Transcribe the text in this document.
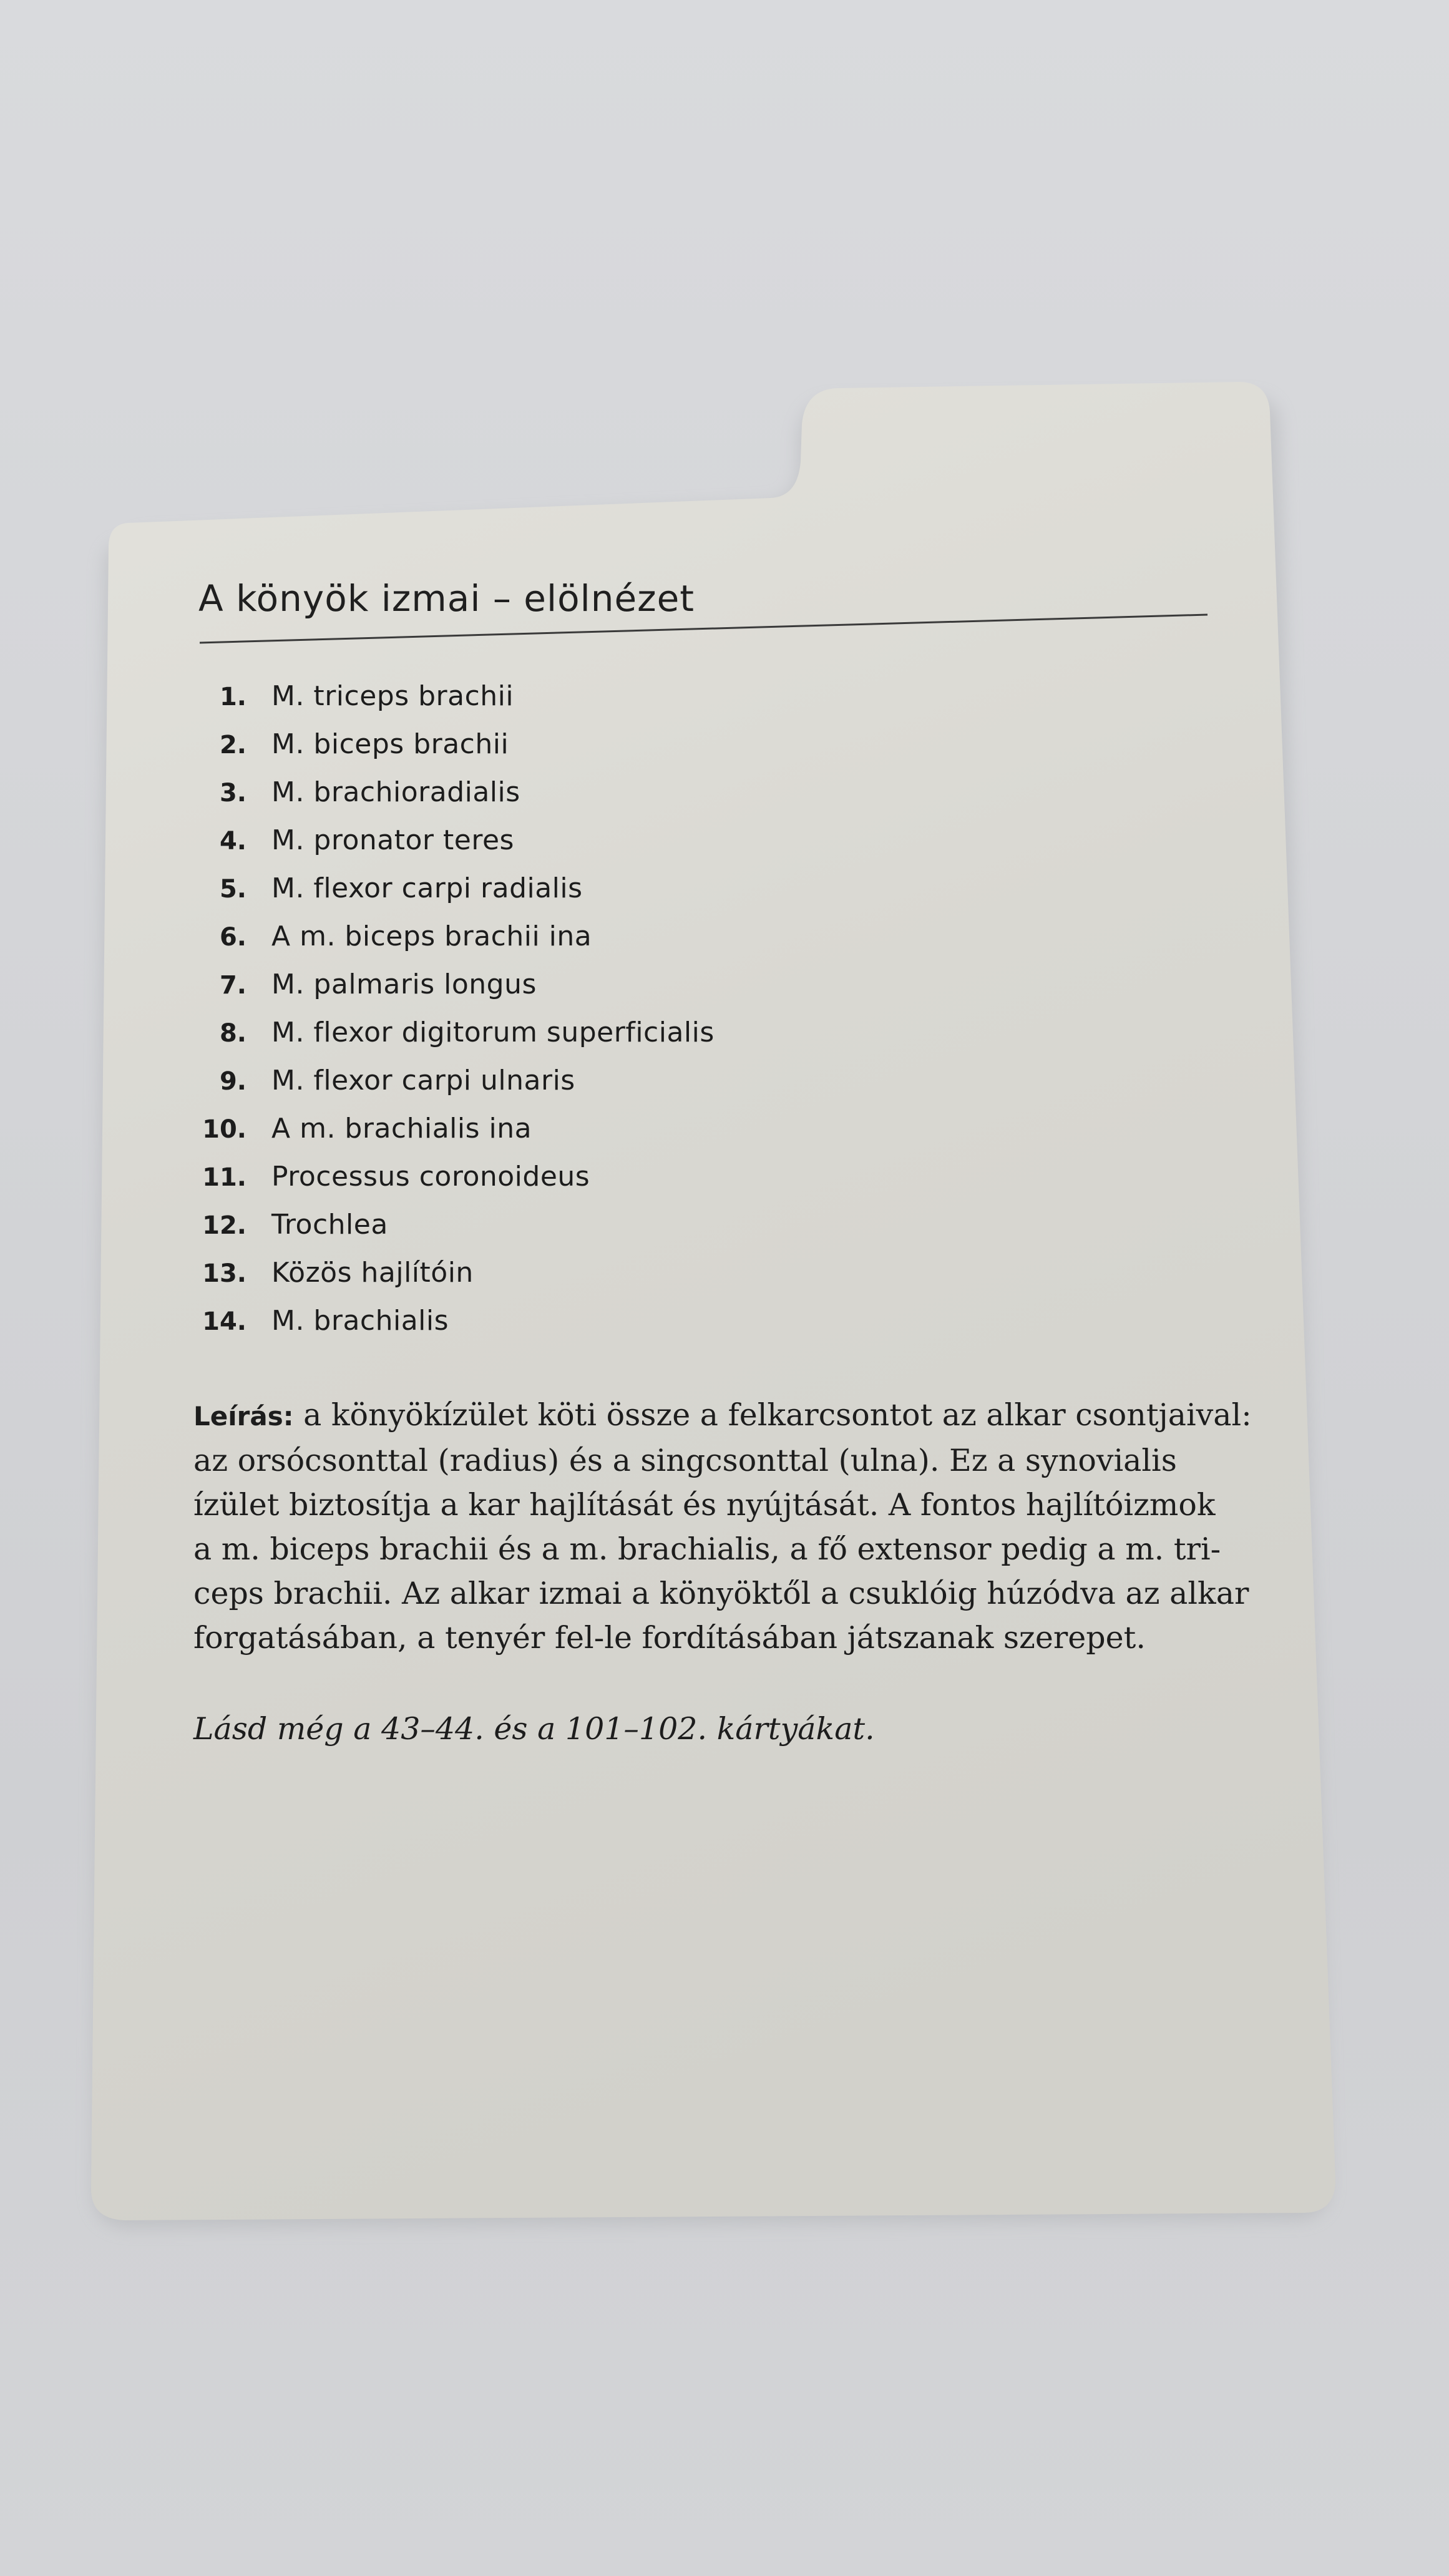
A könyök izmai – elölnézet
1. M. triceps brachii
2. M. biceps brachii
3. M. brachioradialis
4. M. pronator teres
5. M. flexor carpi radialis
6. A m. biceps brachii ina
7. M. palmaris longus
8. M. flexor digitorum superficialis
9. M. flexor carpi ulnaris
10. A m. brachialis ina
11. Processus coronoideus
12. Trochlea
13. Közös hajlítóin
14. M. brachialis
Leírás: a könyökízület köti össze a felkarcsontot az alkar csontjaival:
az orsócsonttal (radius) és a singcsonttal (ulna). Ez a synovialis
ízület biztosítja a kar hajlítását és nyújtását. A fontos hajlítóizmok
a m. biceps brachii és a m. brachialis, a fő extensor pedig a m. tri-
ceps brachii. Az alkar izmai a könyöktől a csuklóig húzódva az alkar
forgatásában, a tenyér fel-le fordításában játszanak szerepet.
Lásd még a 43–44. és a 101–102. kártyákat.
